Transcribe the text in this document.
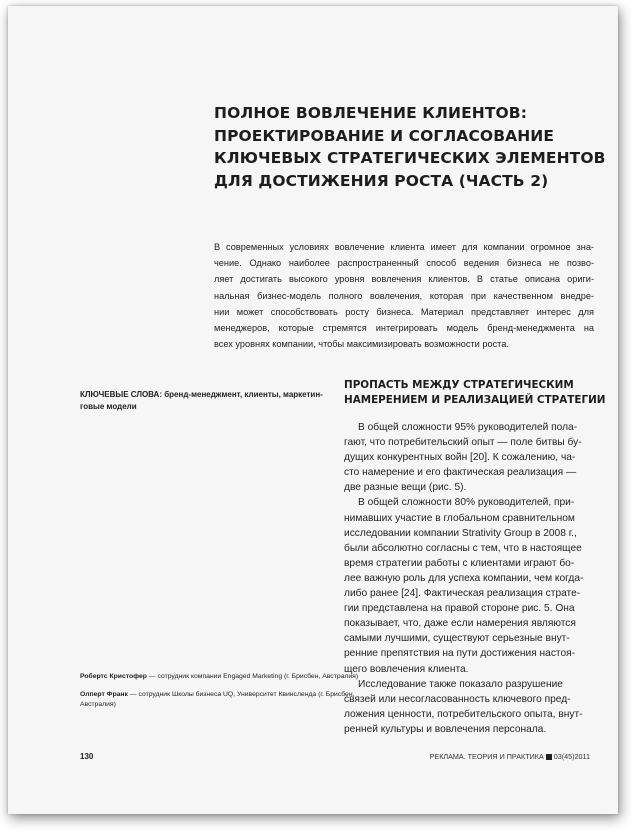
ПОЛНОЕ ВОВЛЕЧЕНИЕ КЛИЕНТОВ:
ПРОЕКТИРОВАНИЕ И СОГЛАСОВАНИЕ
КЛЮЧЕВЫХ СТРАТЕГИЧЕСКИХ ЭЛЕМЕНТОВ
ДЛЯ ДОСТИЖЕНИЯ РОСТА (ЧАСТЬ 2)
В современных условиях вовлечение клиента имеет для компании огромное зна-
чение. Однако наиболее распространенный способ ведения бизнеса не позво-
ляет достигать высокого уровня вовлечения клиентов. В статье описана ориги-
нальная бизнес-модель полного вовлечения, которая при качественном внедре-
нии может способствовать росту бизнеса. Материал представляет интерес для
менеджеров, которые стремятся интегрировать модель бренд-менеджмента на
всех уровнях компании, чтобы максимизировать возможности роста.
КЛЮЧЕВЫЕ СЛОВА: бренд-менеджмент, клиенты, маркетин-
говые модели
ПРОПАСТЬ МЕЖДУ СТРАТЕГИЧЕСКИМ
НАМЕРЕНИЕМ И РЕАЛИЗАЦИЕЙ СТРАТЕГИИ
В общей сложности 95% руководителей пола-
гают, что потребительский опыт — поле битвы бу-
дущих конкурентных войн [20]. К сожалению, ча-
сто намерение и его фактическая реализация —
две разные вещи (рис. 5).
В общей сложности 80% руководителей, при-
нимавших участие в глобальном сравнительном
исследовании компании Strativity Group в 2008 г.,
были абсолютно согласны с тем, что в настоящее
время стратегии работы с клиентами играют бо-
лее важную роль для успеха компании, чем когда-
либо ранее [24]. Фактическая реализация страте-
гии представлена на правой стороне рис. 5. Она
показывает, что, даже если намерения являются
самыми лучшими, существуют серьезные внут-
ренние препятствия на пути достижения настоя-
щего вовлечения клиента.
Исследование также показало разрушение
связей или несогласованность ключевого пред-
ложения ценности, потребительского опыта, внут-
ренней культуры и вовлечения персонала.
Робертс Кристофер — сотрудник компании Engaged Marketing (г. Брисбен, Австралия)
Олперт Франк — сотрудник Школы бизнеса UQ, Университет Квинсленда (г. Брисбен,
Австралия)
130	РЕКЛАМА. ТЕОРИЯ И ПРАКТИКА 03(45)2011
